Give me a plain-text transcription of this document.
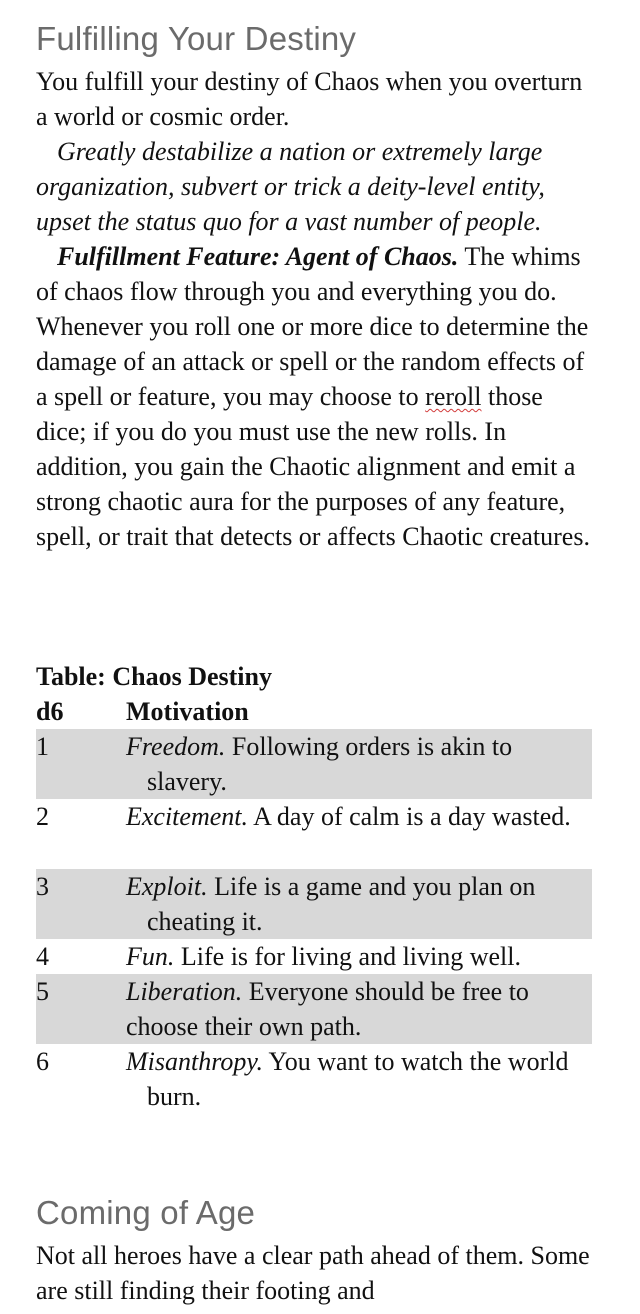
Fulfilling Your Destiny
You fulfill your destiny of Chaos when you overturn a world or cosmic order.
Greatly destabilize a nation or extremely large organization, subvert or trick a deity-level entity, upset the status quo for a vast number of people.
Fulfillment Feature: Agent of Chaos. The whims of chaos flow through you and everything you do. Whenever you roll one or more dice to determine the damage of an attack or spell or the random effects of a spell or feature, you may choose to reroll those dice; if you do you must use the new rolls. In addition, you gain the Chaotic alignment and emit a strong chaotic aura for the purposes of any feature, spell, or trait that detects or affects Chaotic creatures.
Table: Chaos Destiny
d6 Motivation
1	Freedom. Following orders is akin to slavery.
2	Excitement. A day of calm is a day wasted.
3	Exploit. Life is a game and you plan on cheating it.
4	Fun. Life is for living and living well.
5	Liberation. Everyone should be free to choose their own path.
6	Misanthropy. You want to watch the world burn.
Coming of Age
Not all heroes have a clear path ahead of them. Some are still finding their footing and
